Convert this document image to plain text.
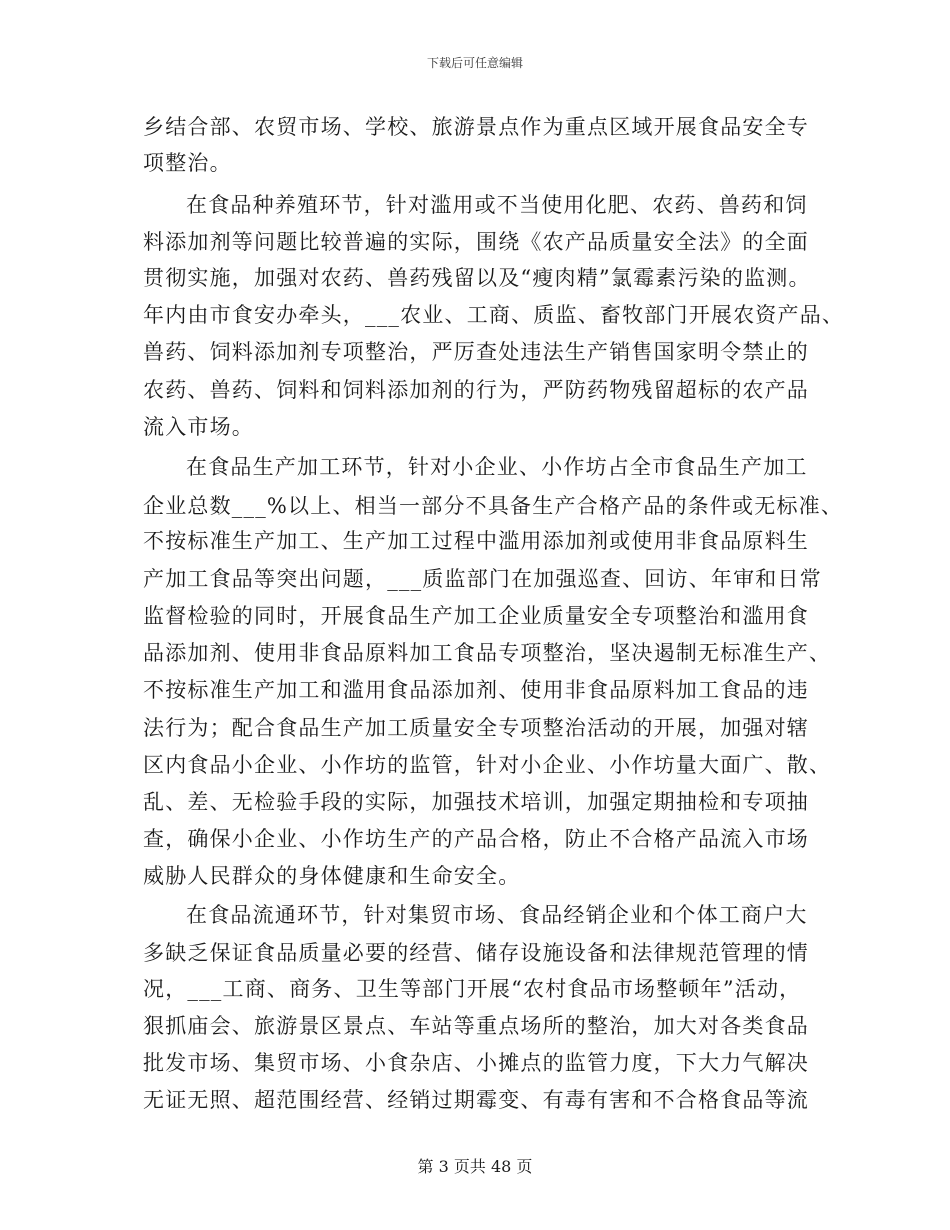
下载后可任意编辑
乡结合部、农贸市场、学校、旅游景点作为重点区域开展食品安全专
项整治。
在食品种养殖环节，针对滥用或不当使用化肥、农药、兽药和饲
料添加剂等问题比较普遍的实际，围绕《农产品质量安全法》的全面
贯彻实施，加强对农药、兽药残留以及“瘦肉精”氯霉素污染的监测。
年内由市食安办牵头，___农业、工商、质监、畜牧部门开展农资产品、
兽药、饲料添加剂专项整治，严厉查处违法生产销售国家明令禁止的
农药、兽药、饲料和饲料添加剂的行为，严防药物残留超标的农产品
流入市场。
在食品生产加工环节，针对小企业、小作坊占全市食品生产加工
企业总数___%以上、相当一部分不具备生产合格产品的条件或无标准、
不按标准生产加工、生产加工过程中滥用添加剂或使用非食品原料生
产加工食品等突出问题，___质监部门在加强巡查、回访、年审和日常
监督检验的同时，开展食品生产加工企业质量安全专项整治和滥用食
品添加剂、使用非食品原料加工食品专项整治，坚决遏制无标准生产、
不按标准生产加工和滥用食品添加剂、使用非食品原料加工食品的违
法行为；配合食品生产加工质量安全专项整治活动的开展，加强对辖
区内食品小企业、小作坊的监管，针对小企业、小作坊量大面广、散、
乱、差、无检验手段的实际，加强技术培训，加强定期抽检和专项抽
查，确保小企业、小作坊生产的产品合格，防止不合格产品流入市场
威胁人民群众的身体健康和生命安全。
在食品流通环节，针对集贸市场、食品经销企业和个体工商户大
多缺乏保证食品质量必要的经营、储存设施设备和法律规范管理的情
况，___工商、商务、卫生等部门开展“农村食品市场整顿年”活动，
狠抓庙会、旅游景区景点、车站等重点场所的整治，加大对各类食品
批发市场、集贸市场、小食杂店、小摊点的监管力度，下大力气解决
无证无照、超范围经营、经销过期霉变、有毒有害和不合格食品等流
第 3 页共 48 页
